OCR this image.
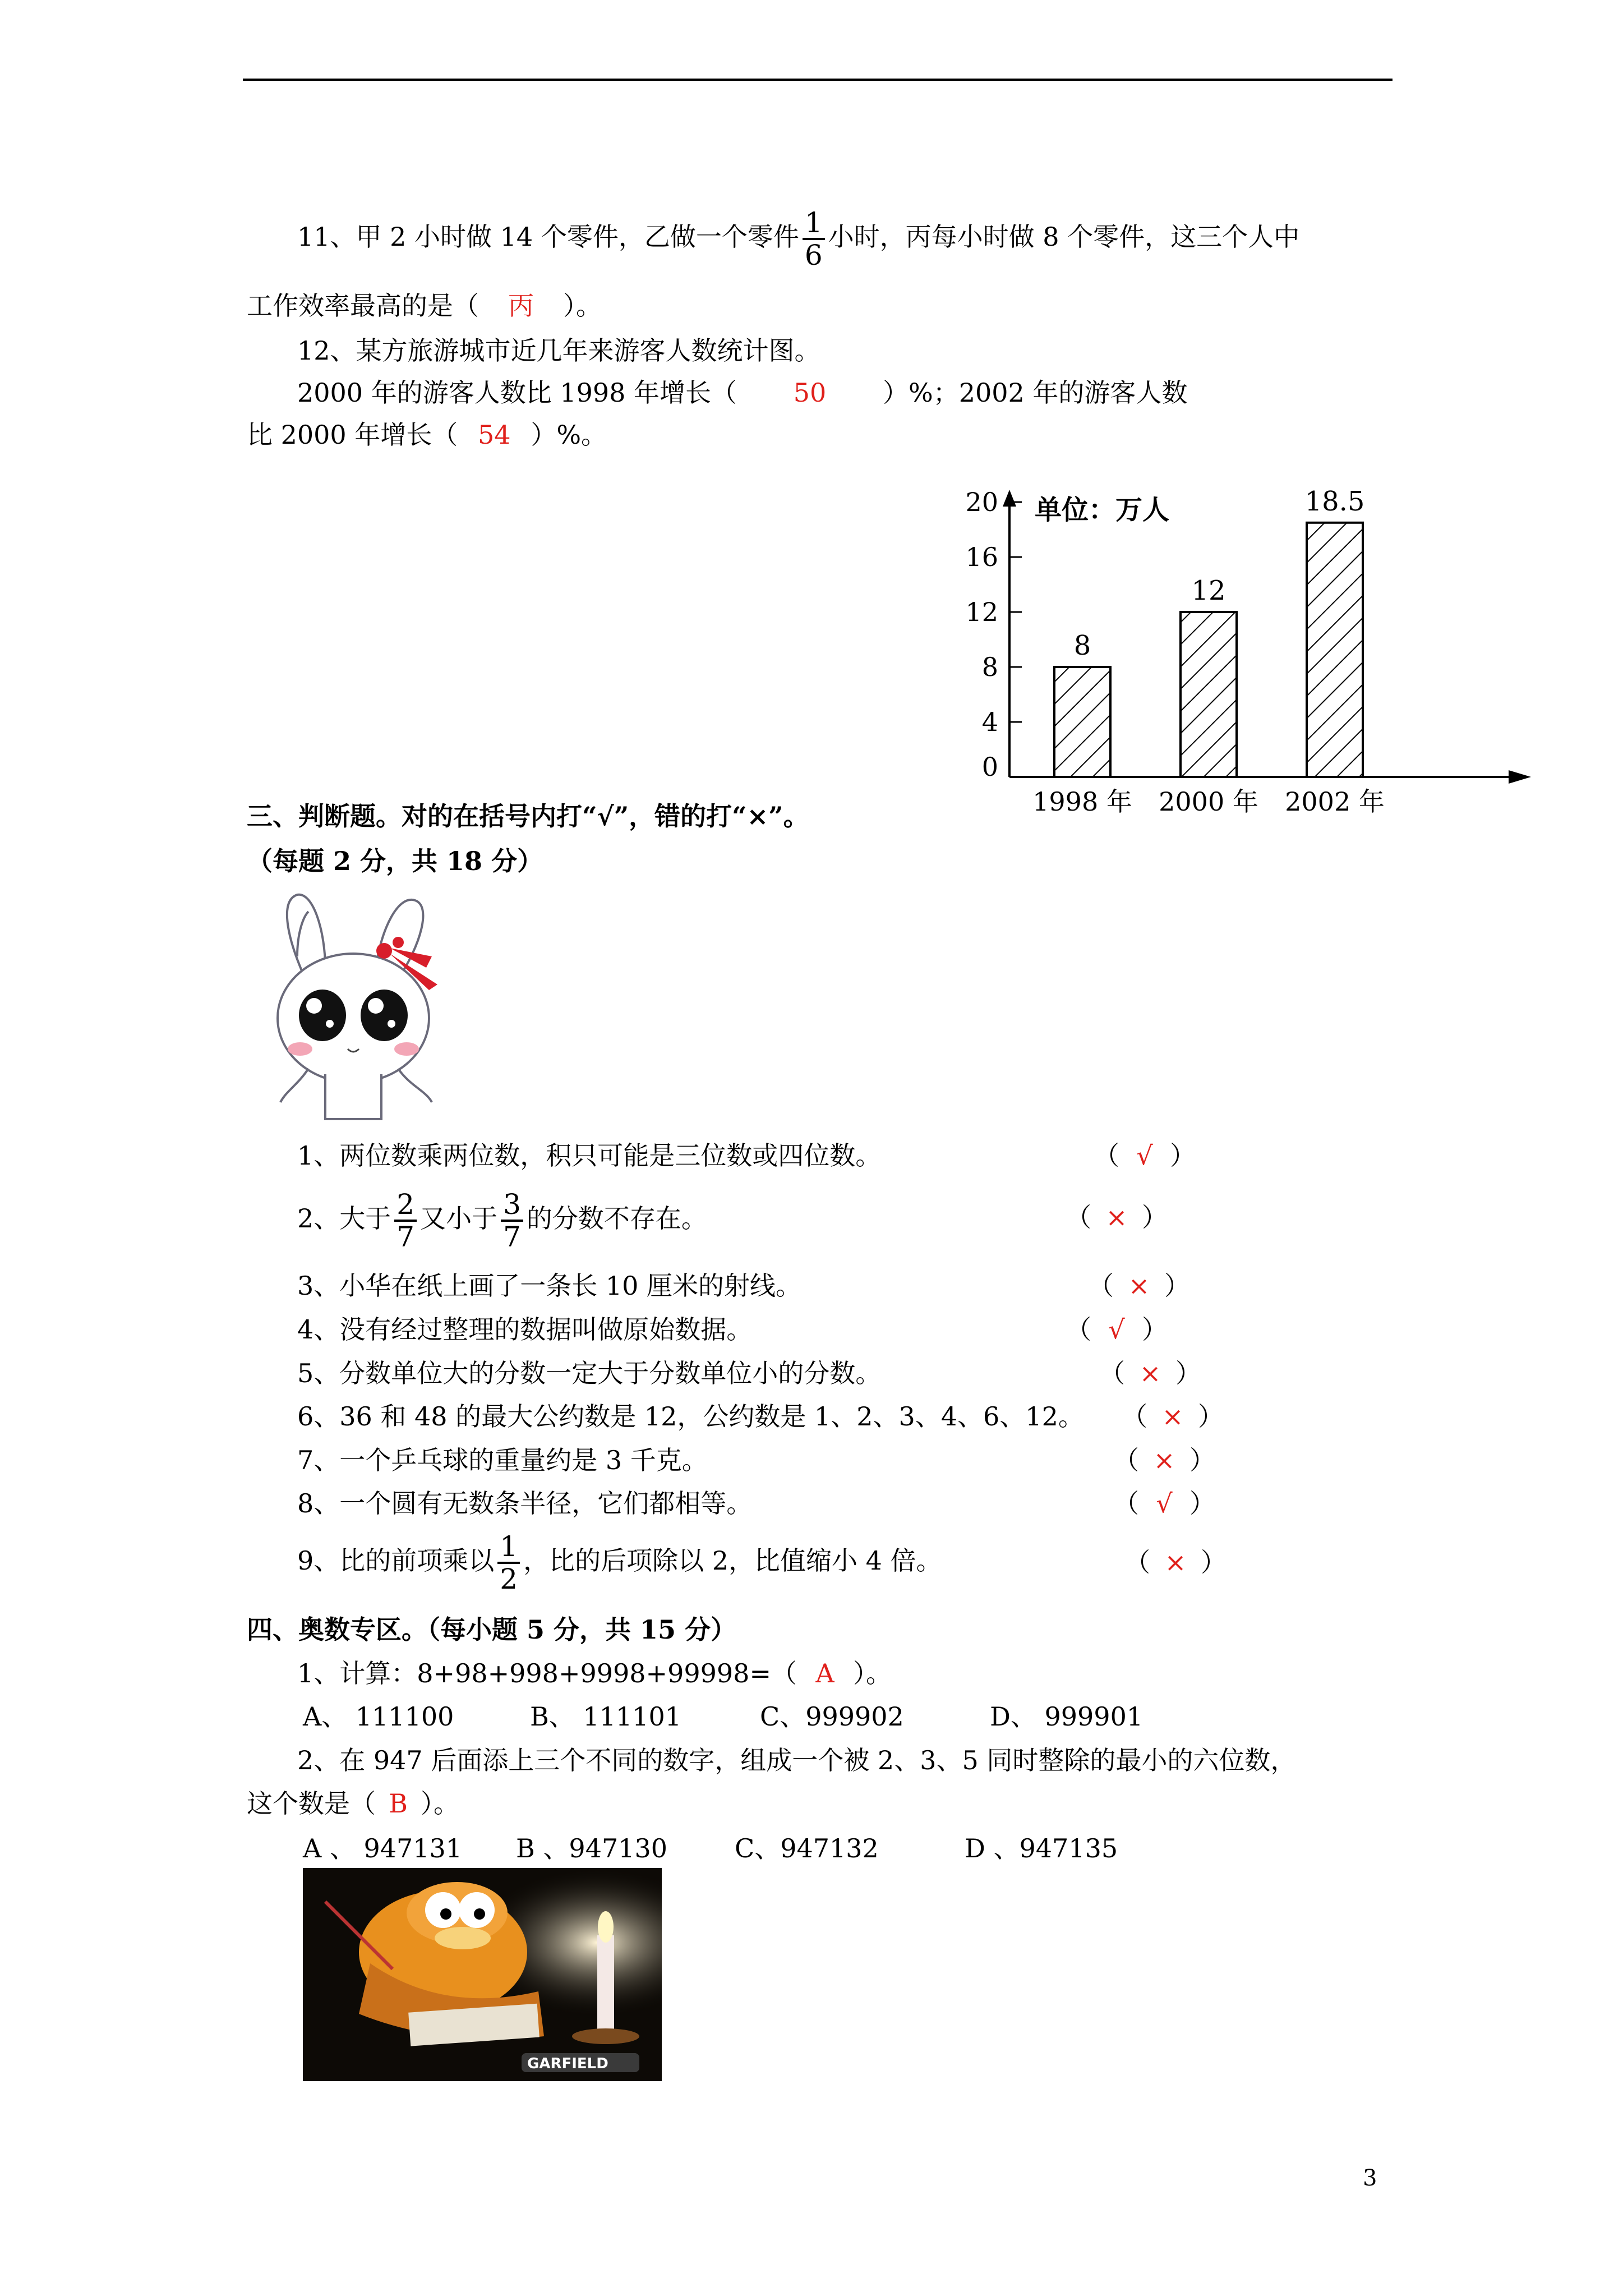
11、甲 2 小时做 14 个零件，乙做一个零件 $\frac{1}{6}$ 小时，丙每小时做 8 个零件，这三个人中
工作效率最高的是（ 丙 ）。
12、某方旅游城市近几年来游客人数统计图。
2000 年的游客人数比 1998 年增长（ 50 ）%；2002 年的游客人数
比 2000 年增长（ 54 ）%。
0
4
8
12
16
20 单位：万人
8
1998 年
12
2000 年
18.5
2002 年
三、判断题。对的在括号内打“√”，错的打“×”。
（每题 2 分，共 18 分）
1、两位数乘两位数，积只可能是三位数或四位数。	（ √ ）
2、大于 $\frac{2}{7}$ 又小于 $\frac{3}{7}$ 的分数不存在。	（ × ）
3、小华在纸上画了一条长 10 厘米的射线。	（ × ）
4、没有经过整理的数据叫做原始数据。	（ √ ）
5、分数单位大的分数一定大于分数单位小的分数。	（ × ）
6、36 和 48 的最大公约数是 12，公约数是 1、2、3、4、6、12。 （ × ）
7、一个乒乓球的重量约是 3 千克。	（ × ）
8、一个圆有无数条半径，它们都相等。	（ √ ）
9、比的前项乘以 $\frac{1}{2}$ ，比的后项除以 2，比值缩小 4 倍。	（ × ）
四、奥数专区。（每小题 5 分，共 15 分）
1、计算：8+98+998+9998+99998=（ A ）。
A、 111100	B、 111101	C、999902	D、 999901
2、在 947 后面添上三个不同的数字，组成一个被 2、3、5 同时整除的最小的六位数，
这个数是（ B ）。
A 、 947131 B 、947130	C、947132	D 、947135
GARFIELD
3
